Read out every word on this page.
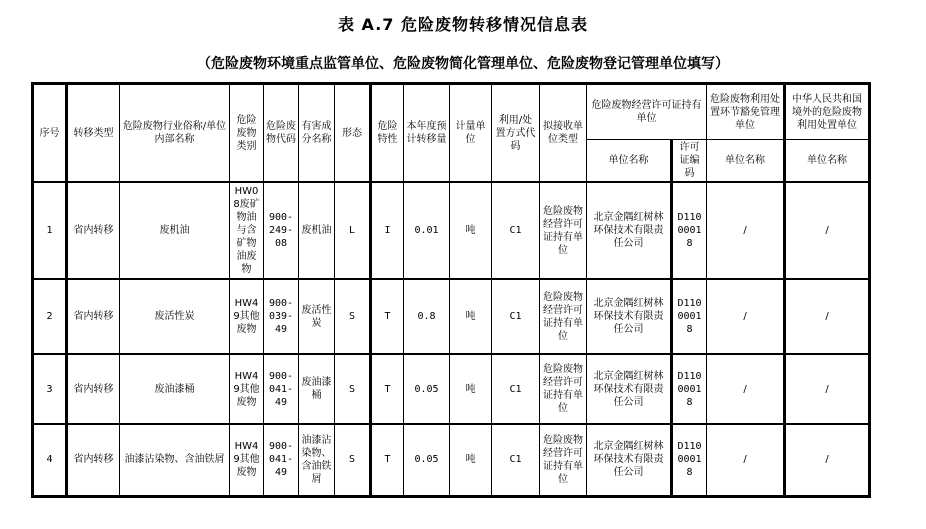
表 A.7 危险废物转移情况信息表
（危险废物环境重点监管单位、危险废物简化管理单位、危险废物登记管理单位填写）
序号	转移类型	危险废物行业俗称/单位内部名称	危险废物类别	危险废物代码	有害成分名称	形态	危险特性	本年度预计转移量	计量单位	利用/处置方式代码	拟接收单位类型	危险废物经营许可证持有单位		危险废物利用处置环节豁免管理单位	中华人民共和国境外的危险废物利用处置单位
												单位名称	许可证编码	单位名称	单位名称
1	省内转移	废机油	HW08废矿物油与含矿物油废物	900-249-08	废机油	L	I	0.01	吨	C1	危险废物经营许可证持有单位	北京金隅红树林环保技术有限责任公司	D11000018	/	/
2	省内转移	废活性炭	HW49其他废物	900-039-49	废活性炭	S	T	0.8	吨	C1	危险废物经营许可证持有单位	北京金隅红树林环保技术有限责任公司	D11000018	/	/
3	省内转移	废油漆桶	HW49其他废物	900-041-49	废油漆桶	S	T	0.05	吨	C1	危险废物经营许可证持有单位	北京金隅红树林环保技术有限责任公司	D11000018	/	/
4	省内转移	油漆沾染物、含油铁屑	HW49其他废物	900-041-49	油漆沾染物、含油铁屑	S	T	0.05	吨	C1	危险废物经营许可证持有单位	北京金隅红树林环保技术有限责任公司	D11000018	/	/
